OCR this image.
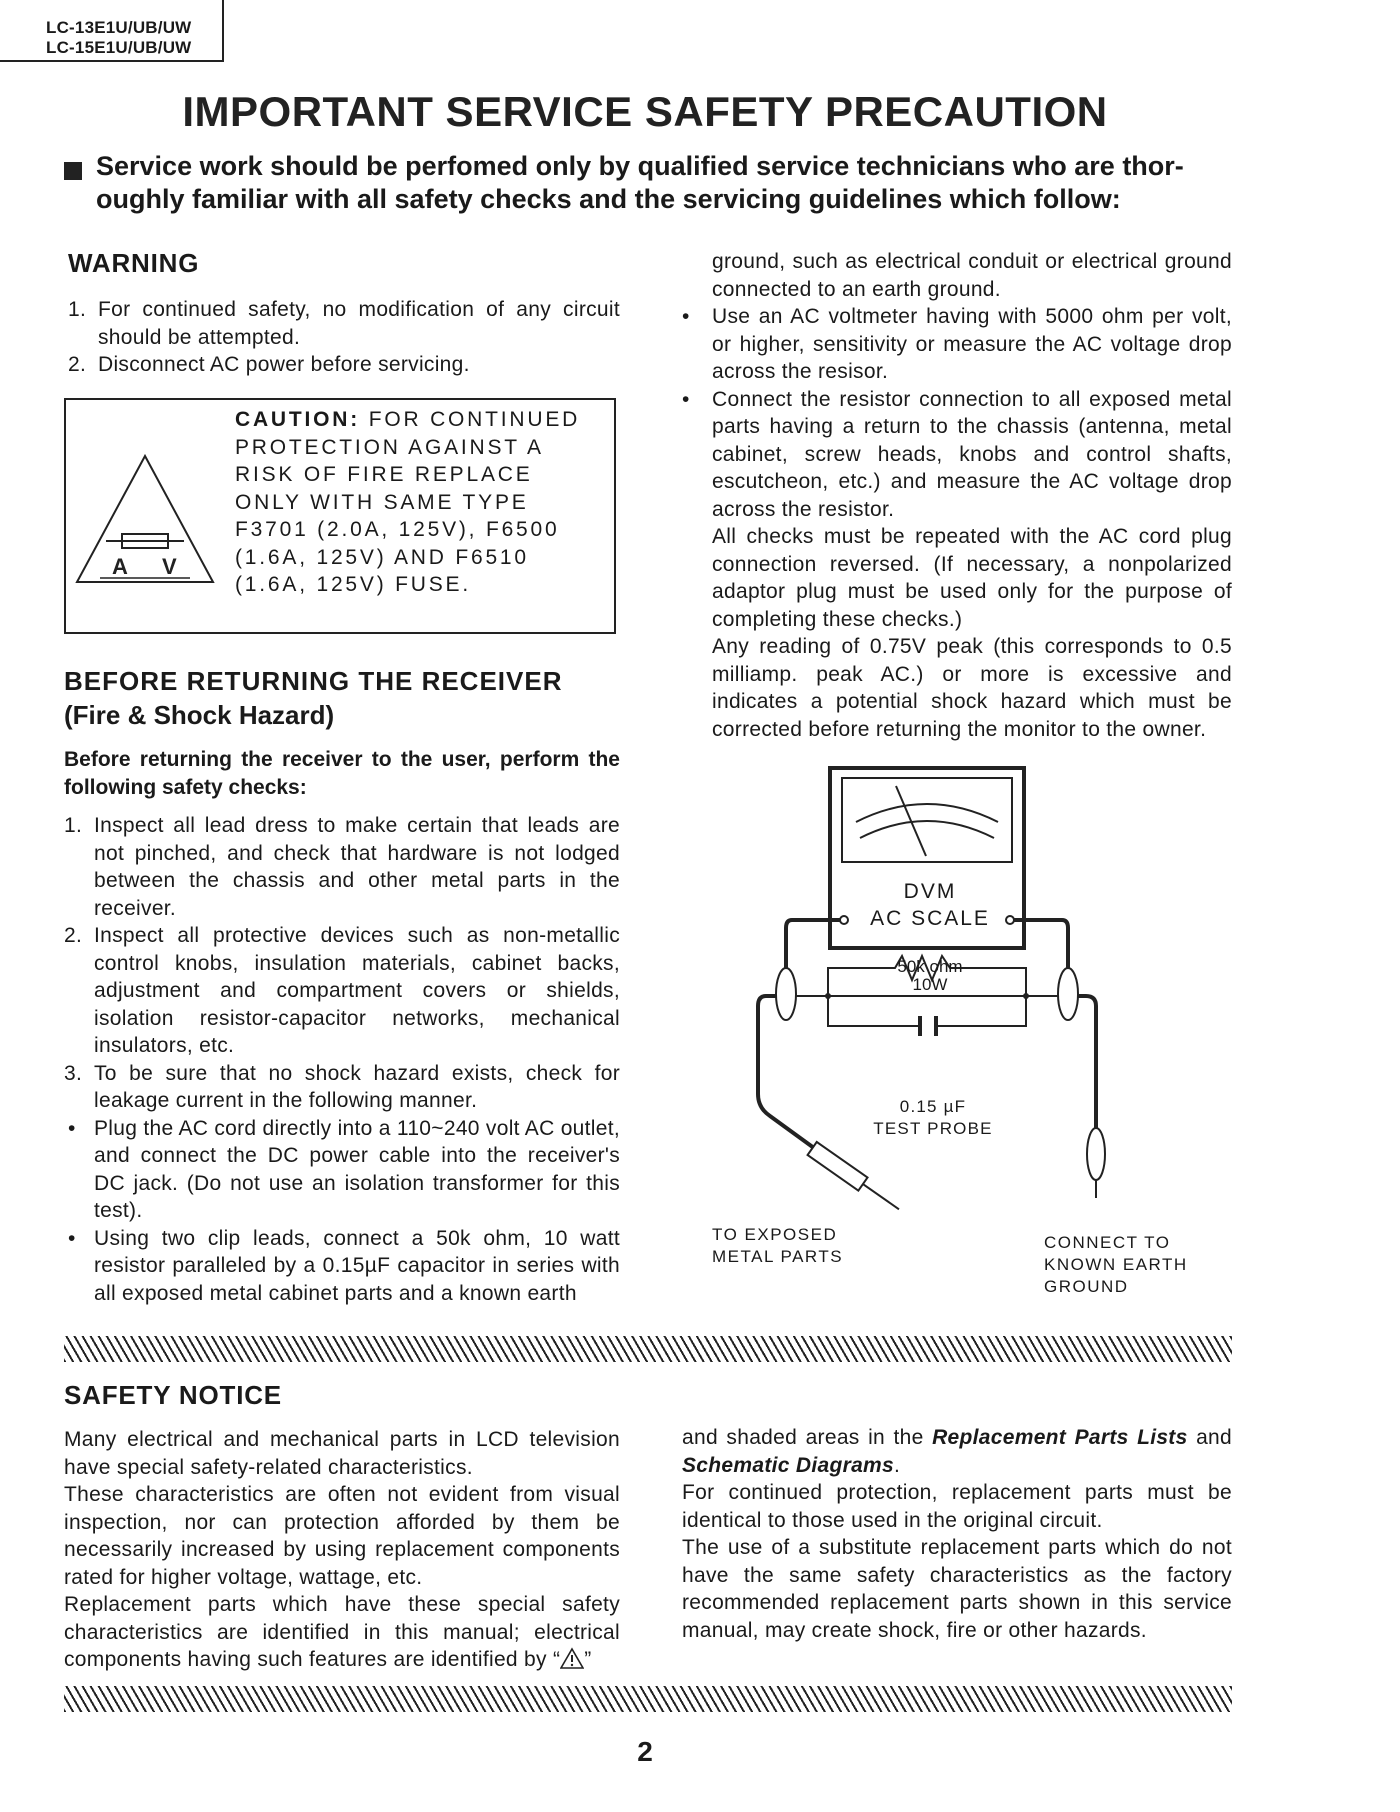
LC-13E1U/UB/UW
LC-15E1U/UB/UW
IMPORTANT SERVICE SAFETY PRECAUTION
Service work should be perfomed only by qualified service technicians who are thor-oughly familiar with all safety checks and the servicing guidelines which follow:
WARNING
1. For continued safety, no modification of any circuit should be attempted.
2. Disconnect AC power before servicing.
A V
CAUTION: FOR CONTINUED PROTECTION AGAINST A RISK OF FIRE REPLACE ONLY WITH SAME TYPE F3701 (2.0A, 125V), F6500 (1.6A, 125V) AND F6510 (1.6A, 125V) FUSE.
BEFORE RETURNING THE RECEIVER
(Fire & Shock Hazard)
Before returning the receiver to the user, perform the following safety checks:
1. Inspect all lead dress to make certain that leads are not pinched, and check that hardware is not lodged between the chassis and other metal parts in the receiver.
2. Inspect all protective devices such as non-metallic control knobs, insulation materials, cabinet backs, adjustment and compartment covers or shields, isolation resistor-capacitor networks, mechanical insulators, etc.
3. To be sure that no shock hazard exists, check for leakage current in the following manner.
• Plug the AC cord directly into a 110~240 volt AC outlet, and connect the DC power cable into the receiver's DC jack. (Do not use an isolation transformer for this test).
• Using two clip leads, connect a 50k ohm, 10 watt resistor paralleled by a 0.15µF capacitor in series with all exposed metal cabinet parts and a known earth
ground, such as electrical conduit or electrical ground connected to an earth ground.
• Use an AC voltmeter having with 5000 ohm per volt, or higher, sensitivity or measure the AC voltage drop across the resisor.
• Connect the resistor connection to all exposed metal parts having a return to the chassis (antenna, metal cabinet, screw heads, knobs and control shafts, escutcheon, etc.) and measure the AC voltage drop across the resistor.
All checks must be repeated with the AC cord plug connection reversed. (If necessary, a nonpolarized adaptor plug must be used only for the purpose of completing these checks.)
Any reading of 0.75V peak (this corresponds to 0.5 milliamp. peak AC.) or more is excessive and indicates a potential shock hazard which must be corrected before returning the monitor to the owner.
DVM
AC SCALE
50k ohm
10W
0.15 µF
TEST PROBE
TO EXPOSED
METAL PARTS
CONNECT TO
KNOWN EARTH
GROUND
SAFETY NOTICE
Many electrical and mechanical parts in LCD television have special safety-related characteristics.
These characteristics are often not evident from visual inspection, nor can protection afforded by them be necessarily increased by using replacement components rated for higher voltage, wattage, etc.
Replacement parts which have these special safety characteristics are identified in this manual; electrical components having such features are identified by “ ”
and shaded areas in the Replacement Parts Lists and Schematic Diagrams.
For continued protection, replacement parts must be identical to those used in the original circuit.
The use of a substitute replacement parts which do not have the same safety characteristics as the factory recommended replacement parts shown in this service manual, may create shock, fire or other hazards.
2
